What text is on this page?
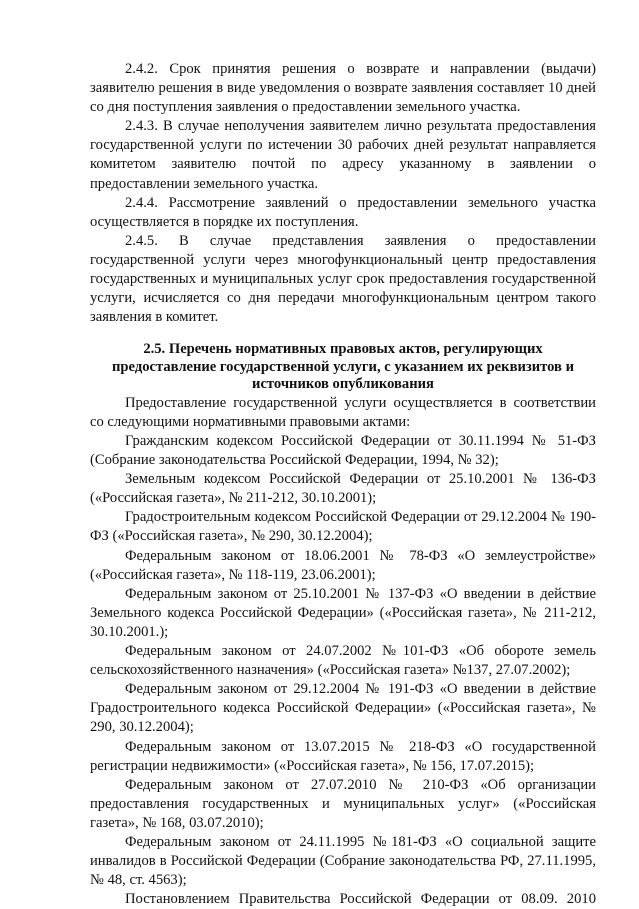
2.4.2. Срок принятия решения о возврате и направлении (выдачи) заявителю решения в виде уведомления о возврате заявления составляет 10 дней со дня поступления заявления о предоставлении земельного участка.

2.4.3. В случае неполучения заявителем лично результата предоставления государственной услуги по истечении 30 рабочих дней результат направляется комитетом заявителю почтой по адресу указанному в заявлении о предоставлении земельного участка.

2.4.4. Рассмотрение заявлений о предоставлении земельного участка осуществляется в порядке их поступления.

2.4.5. В случае представления заявления о предоставлении государственной услуги через многофункциональный центр предоставления государственных и муниципальных услуг срок предоставления государственной услуги, исчисляется со дня передачи многофункциональным центром такого заявления в комитет.

2.5. Перечень нормативных правовых актов, регулирующих
предоставление государственной услуги, с указанием их реквизитов и
источников опубликования

Предоставление государственной услуги осуществляется в соответствии со следующими нормативными правовыми актами:

Гражданским кодексом Российской Федерации от 30.11.1994 № 51-ФЗ (Собрание законодательства Российской Федерации, 1994, № 32);

Земельным кодексом Российской Федерации от 25.10.2001 № 136-ФЗ («Российская газета», № 211-212, 30.10.2001);

Градостроительным кодексом Российской Федерации от 29.12.2004 № 190-ФЗ («Российская газета», № 290, 30.12.2004);

Федеральным законом от 18.06.2001 № 78-ФЗ «О землеустройстве» («Российская газета», № 118-119, 23.06.2001);

Федеральным законом от 25.10.2001 № 137-ФЗ «О введении в действие Земельного кодекса Российской Федерации» («Российская газета», № 211-212, 30.10.2001.);

Федеральным законом от 24.07.2002 №101-ФЗ «Об обороте земель сельскохозяйственного назначения» («Российская газета» №137, 27.07.2002);

Федеральным законом от 29.12.2004 № 191-ФЗ «О введении в действие Градостроительного кодекса Российской Федерации» («Российская газета», № 290, 30.12.2004);

Федеральным законом от 13.07.2015 № 218-ФЗ «О государственной регистрации недвижимости» («Российская газета», № 156, 17.07.2015);

Федеральным законом от 27.07.2010 № 210-ФЗ «Об организации предоставления государственных и муниципальных услуг» («Российская газета», № 168, 03.07.2010);

Федеральным законом от 24.11.1995 №181-ФЗ «О социальной защите инвалидов в Российской Федерации (Собрание законодательства РФ, 27.11.1995, № 48, ст. 4563);

Постановлением Правительства Российской Федерации от 08.09. 2010
